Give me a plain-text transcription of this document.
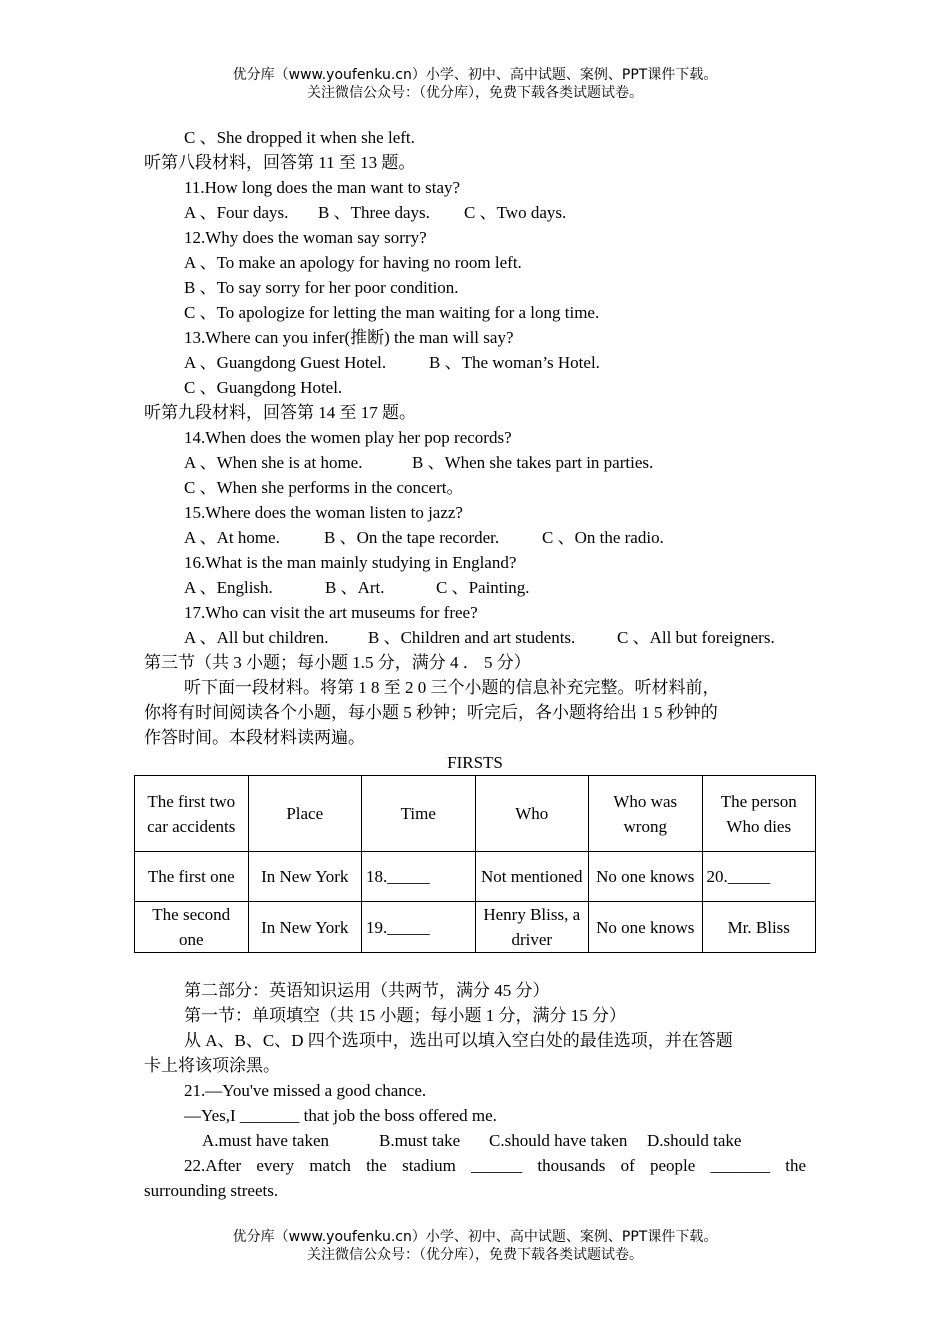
优分库（www.youfenku.cn）小学、初中、高中试题、案例、PPT课件下载。
关注微信公众号：（优分库），免费下载各类试题试卷。
C 、She dropped it when she left.
听第八段材料，回答第 11 至 13 题。
11.How long does the man want to stay?
A 、Four days. B 、Three days. C 、Two days.
12.Why does the woman say sorry?
A 、To make an apology for having no room left.
B 、To say sorry for her poor condition.
C 、To apologize for letting the man waiting for a long time.
13.Where can you infer(推断) the man will say?
A 、Guangdong Guest Hotel.	B 、The woman’s Hotel.
C 、Guangdong Hotel.
听第九段材料，回答第 14 至 17 题。
14.When does the women play her pop records?
A 、When she is at home.	B 、When she takes part in parties.
C 、When she performs in the concert。
15.Where does the woman listen to jazz?
A 、At home.	B 、On the tape recorder.	C 、On the radio.
16.What is the man mainly studying in England?
A 、English.	B 、Art.	C 、Painting.
17.Who can visit the art museums for free?
A 、All but children. B 、Children and art students. C 、All but foreigners.
第三节（共 3 小题；每小题 1.5 分，满分 4 ． 5 分）
听下面一段材料。将第 1 8 至 2 0 三个小题的信息补充完整。听材料前，
你将有时间阅读各个小题，每小题 5 秒钟；听完后，各小题将给出 1 5 秒钟的
作答时间。本段材料读两遍。
FIRSTS
The first two car accidents	Place	Time	Who	Who was wrong	The person Who dies
The first one	In New York	18._____	Not mentioned	No one knows	20._____
The second one	In New York	19._____	Henry Bliss, a driver	No one knows	Mr. Bliss
第二部分：英语知识运用（共两节，满分 45 分）
第一节：单项填空（共 15 小题；每小题 1 分，满分 15 分）
从 A、B、C、D 四个选项中，选出可以填入空白处的最佳选项，并在答题
卡上将该项涂黑。
21.—You've missed a good chance.
—Yes,I _______ that job the boss offered me.
A.must have taken	B.must take C.should have taken D.should take
22.After every match the stadium ______ thousands of people _______ the
surrounding streets.
优分库（www.youfenku.cn）小学、初中、高中试题、案例、PPT课件下载。
关注微信公众号：（优分库），免费下载各类试题试卷。
